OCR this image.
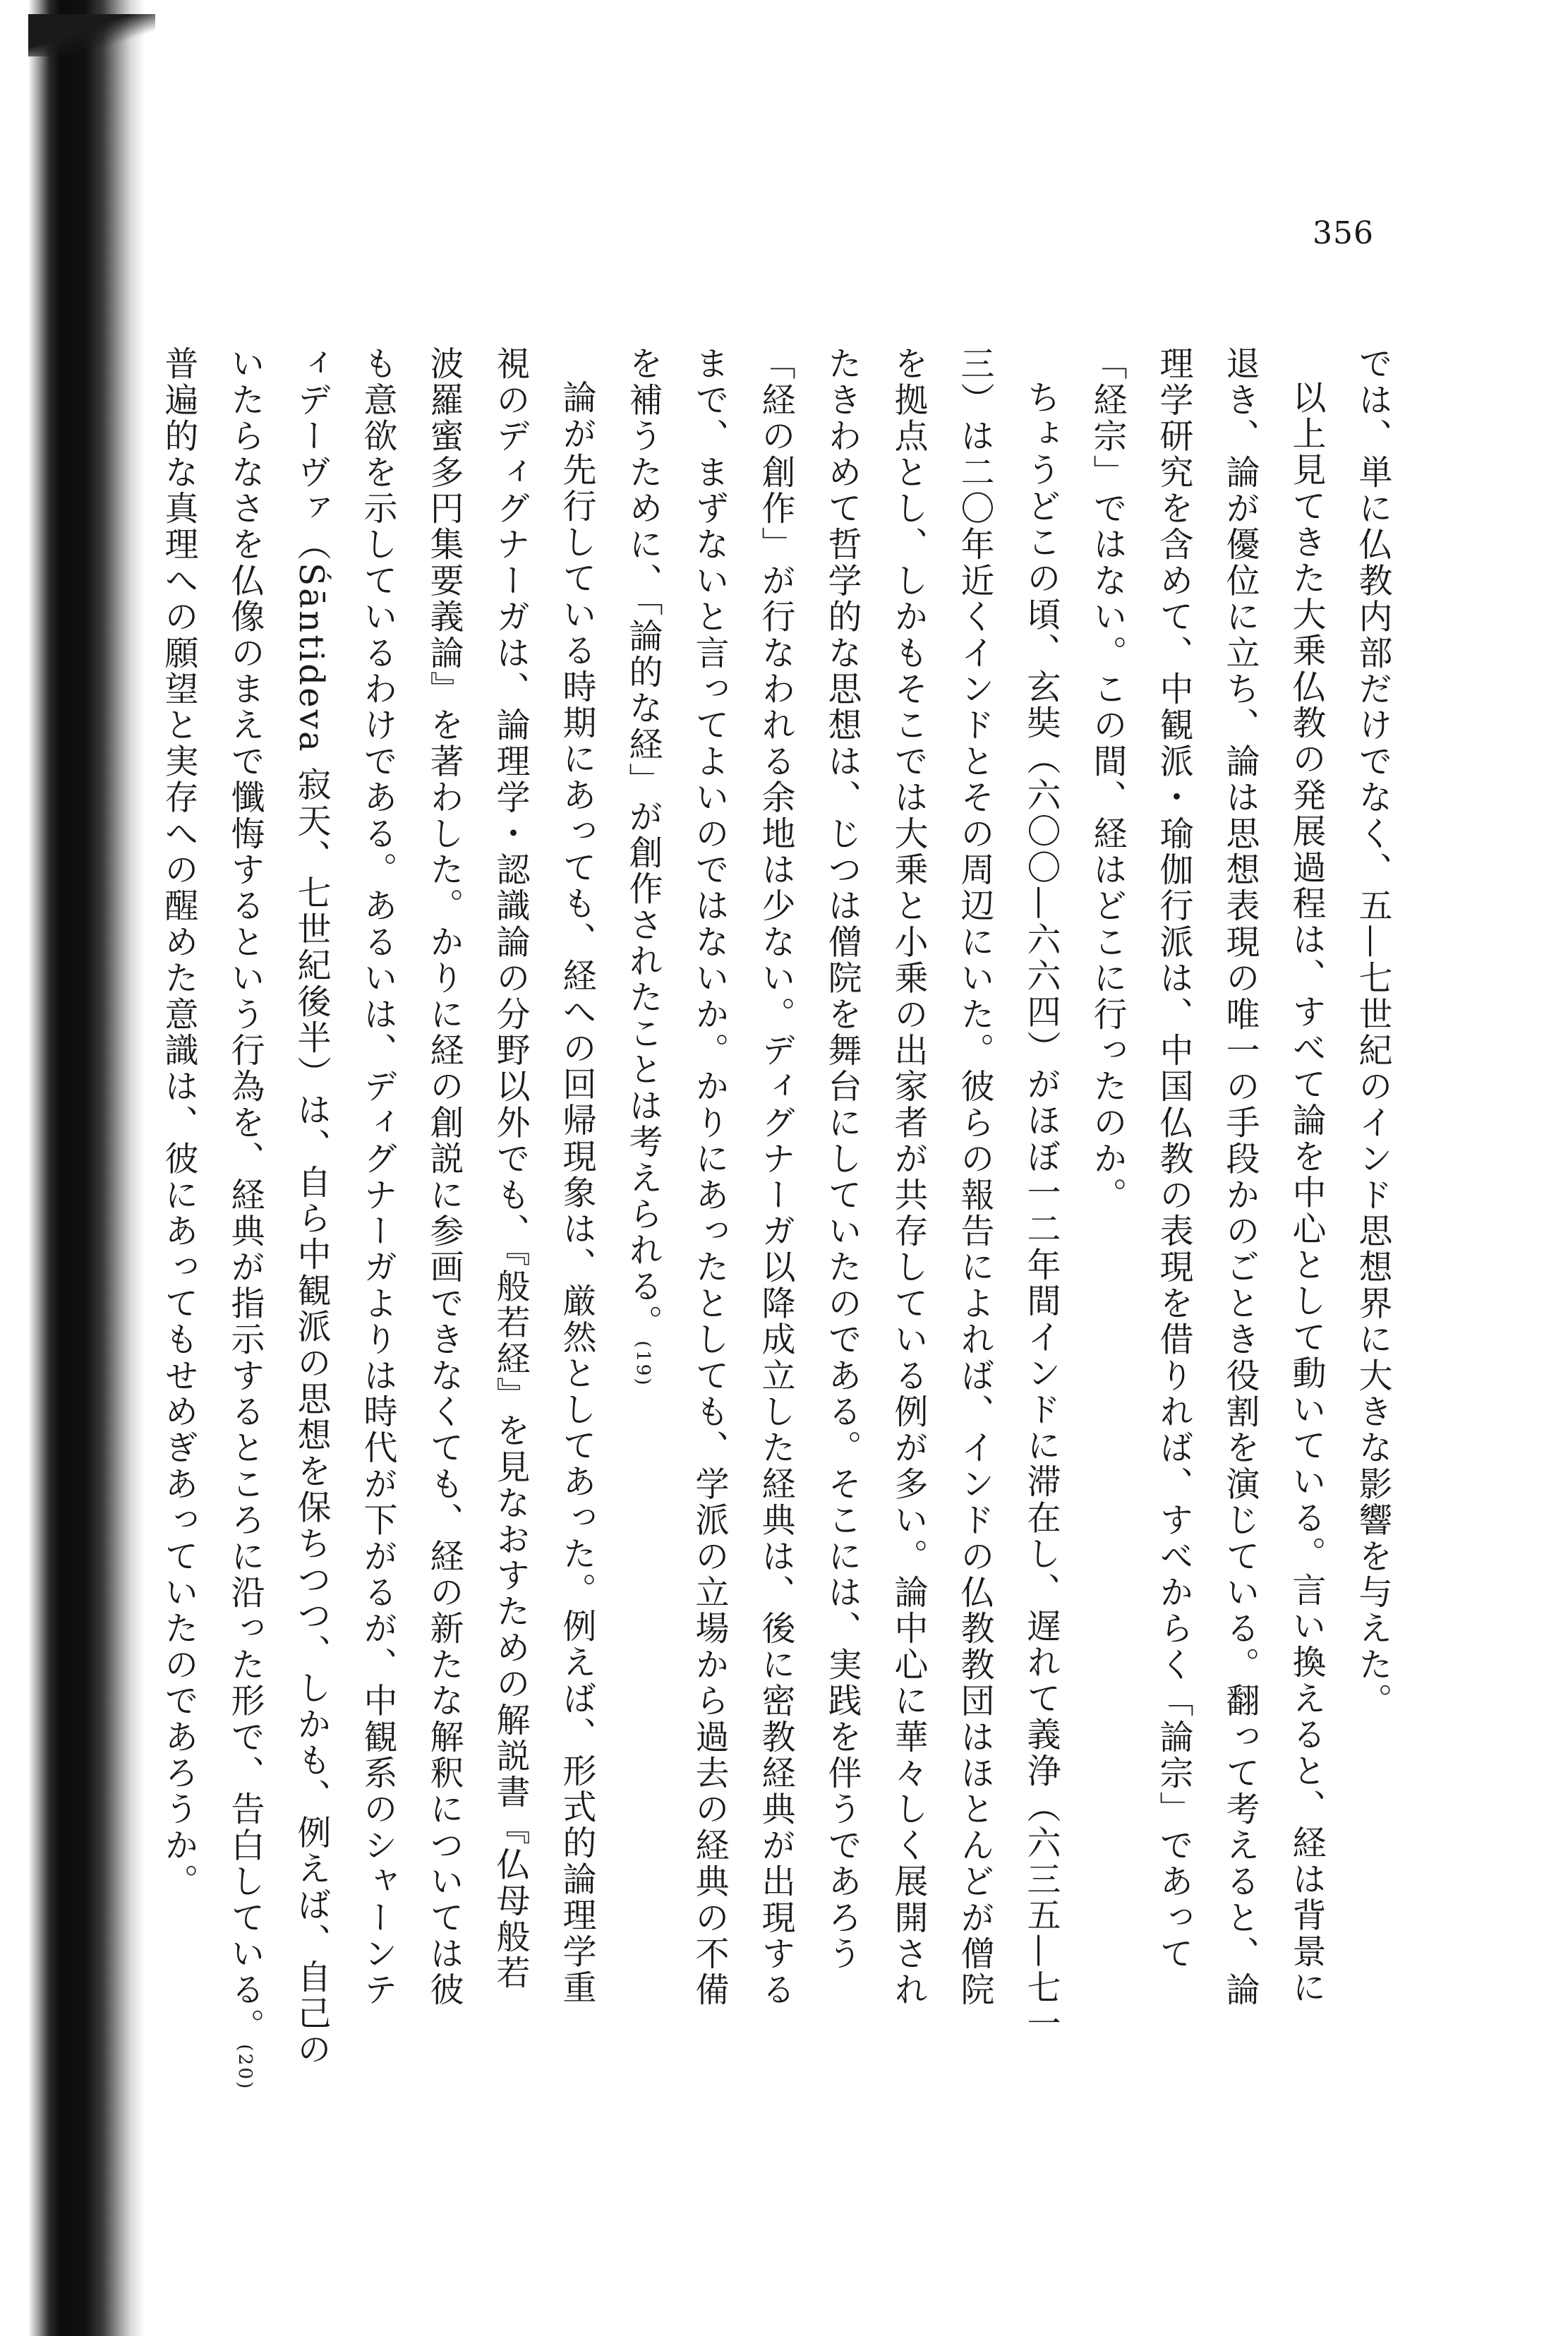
356
では、単に仏教内部だけでなく、五—七世紀のインド思想界に大きな影響を与えた。
以上見てきた大乗仏教の発展過程は、すべて論を中心として動いている。言い換えると、経は背景に
退き、論が優位に立ち、論は思想表現の唯一の手段かのごとき役割を演じている。翻って考えると、論
理学研究を含めて、中観派・瑜伽行派は、中国仏教の表現を借りれば、すべからく「論宗」であって
「経宗」ではない。この間、経はどこに行ったのか。
ちょうどこの頃、玄奘（六〇〇—六六四）がほぼ一二年間インドに滞在し、遅れて義浄（六三五—七一
三）は二〇年近くインドとその周辺にいた。彼らの報告によれば、インドの仏教教団はほとんどが僧院
を拠点とし、しかもそこでは大乗と小乗の出家者が共存している例が多い。論中心に華々しく展開され
たきわめて哲学的な思想は、じつは僧院を舞台にしていたのである。そこには、実践を伴うであろう
「経の創作」が行なわれる余地は少ない。ディグナーガ以降成立した経典は、後に密教経典が出現する
まで、まずないと言ってよいのではないか。かりにあったとしても、学派の立場から過去の経典の不備
を補うために、「論的な経」が創作されたことは考えられる。(19)
論が先行している時期にあっても、経への回帰現象は、厳然としてあった。例えば、形式的論理学重
視のディグナーガは、論理学・認識論の分野以外でも、『般若経』を見なおすための解説書『仏母般若
波羅蜜多円集要義論』を著わした。かりに経の創説に参画できなくても、経の新たな解釈については彼
も意欲を示しているわけである。あるいは、ディグナーガよりは時代が下がるが、中観系のシャーンテ
ィデーヴァ（Śāntideva 寂天、七世紀後半）は、自ら中観派の思想を保ちつつ、しかも、例えば、自己の
いたらなさを仏像のまえで懺悔するという行為を、経典が指示するところに沿った形で、告白している。(20)
普遍的な真理への願望と実存への醒めた意識は、彼にあってもせめぎあっていたのであろうか。
